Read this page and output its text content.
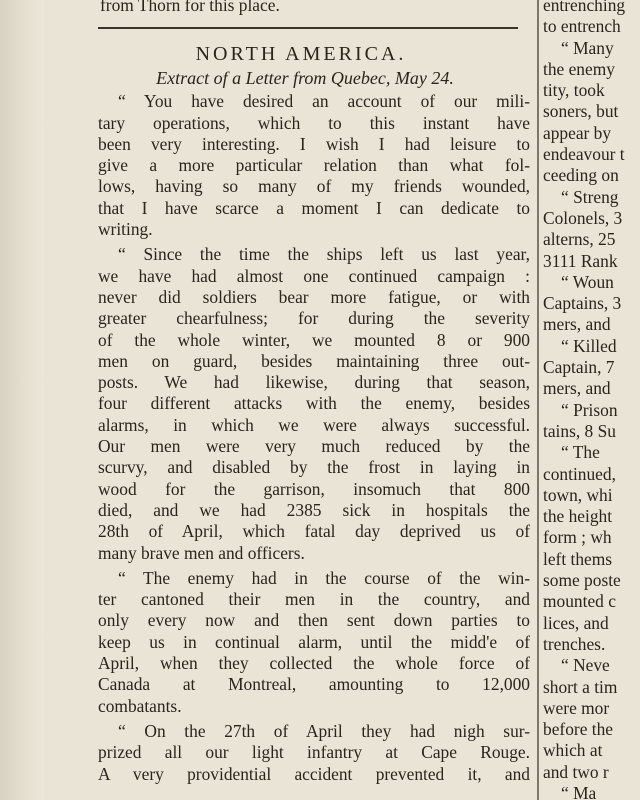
from Thorn for this place.
NORTH AMERICA.
Extract of a Letter from Quebec, May 24.
“ You have desired an account of our mili-
tary operations, which to this instant have
been very interesting. I wish I had leisure to
give a more particular relation than what fol-
lows, having so many of my friends wounded,
that I have scarce a moment I can dedicate to
writing.
“ Since the time the ships left us last year,
we have had almost one continued campaign :
never did soldiers bear more fatigue, or with
greater chearfulness; for during the severity
of the whole winter, we mounted 8 or 900
men on guard, besides maintaining three out-
posts. We had likewise, during that season,
four different attacks with the enemy, besides
alarms, in which we were always successful.
Our men were very much reduced by the
scurvy, and disabled by the frost in laying in
wood for the garrison, insomuch that 800
died, and we had 2385 sick in hospitals the
28th of April, which fatal day deprived us of
many brave men and officers.
“ The enemy had in the course of the win-
ter cantoned their men in the country, and
only every now and then sent down parties to
keep us in continual alarm, until the midd'e of
April, when they collected the whole force of
Canada at Montreal, amounting to 12,000
combatants.
“ On the 27th of April they had nigh sur-
prized all our light infantry at Cape Rouge.
A very providential accident prevented it, and
entrenching
to entrench
“ Many
the enemy
tity, took
soners, but
appear by
endeavour t
ceeding on
“ Streng
Colonels, 3
alterns, 25
3111 Rank
“ Woun
Captains, 3
mers, and
“ Killed
Captain, 7
mers, and
“ Prison
tains, 8 Su
“ The
continued,
town, whi
the height
form ; wh
left thems
some poste
mounted c
lices, and
trenches.
“ Neve
short a tim
were mor
before the
which at
and two r
“ Ma
